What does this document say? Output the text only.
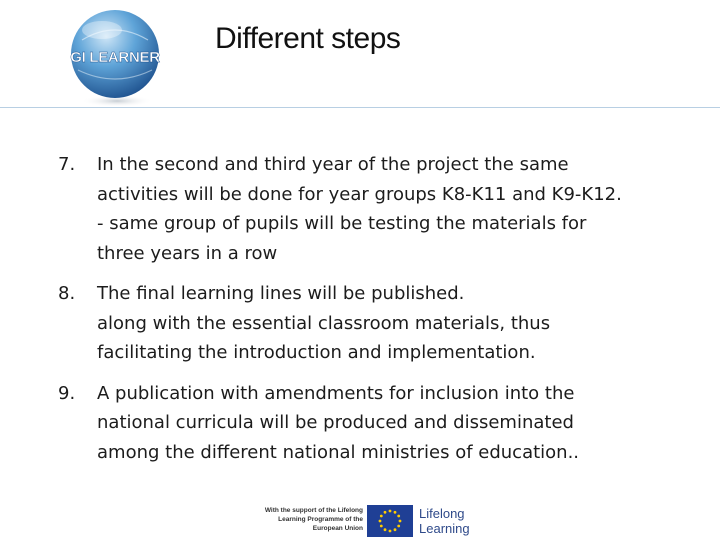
GI LEARNER
Different steps
7. In the second and third year of the project the same
activities will be done for year groups K8-K11 and K9-K12.
- same group of pupils will be testing the materials for
three years in a row
8. The final learning lines will be published.
along with the essential classroom materials, thus
facilitating the introduction and implementation.
9. A publication with amendments for inclusion into the
national curricula will be produced and disseminated
among the different national ministries of education..
With the support of the Lifelong
Learning Programme of the
European Union
Lifelong
Learning
